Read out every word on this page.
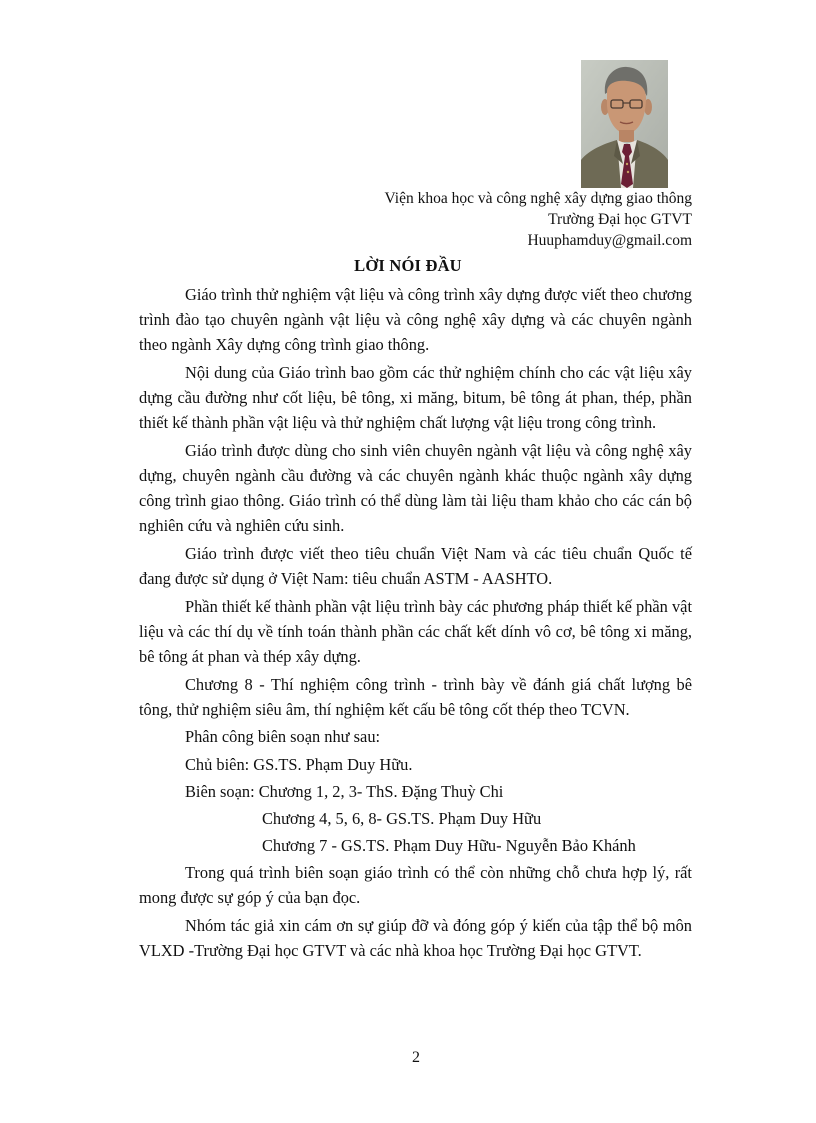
Viện khoa học và công nghệ xây dựng giao thông
Trường Đại học GTVT
Huuphamduy@gmail.com
LỜI NÓI ĐẦU

Giáo trình thử nghiệm vật liệu và công trình xây dựng được viết theo chương trình đào tạo chuyên ngành vật liệu và công nghệ xây dựng và các chuyên ngành theo ngành Xây dựng công trình giao thông.

Nội dung của Giáo trình bao gồm các thử nghiệm chính cho các vật liệu xây dựng cầu đường như cốt liệu, bê tông, xi măng, bitum, bê tông át phan, thép, phần thiết kế thành phần vật liệu và thử nghiệm chất lượng vật liệu trong công trình.

Giáo trình được dùng cho sinh viên chuyên ngành vật liệu và công nghệ xây dựng, chuyên ngành cầu đường và các chuyên ngành khác thuộc ngành xây dựng công trình giao thông. Giáo trình có thể dùng làm tài liệu tham khảo cho các cán bộ nghiên cứu và nghiên cứu sinh.

Giáo trình được viết theo tiêu chuẩn Việt Nam và các tiêu chuẩn Quốc tế đang được sử dụng ở Việt Nam: tiêu chuẩn ASTM - AASHTO.

Phần thiết kế thành phần vật liệu trình bày các phương pháp thiết kế phần vật liệu và các thí dụ về tính toán thành phần các chất kết dính vô cơ, bê tông xi măng, bê tông át phan và thép xây dựng.

Chương 8 - Thí nghiệm công trình - trình bày về đánh giá chất lượng bê tông, thử nghiệm siêu âm, thí nghiệm kết cấu bê tông cốt thép theo TCVN.

Phân công biên soạn như sau:

Chủ biên: GS.TS. Phạm Duy Hữu.

Biên soạn: Chương 1, 2, 3- ThS. Đặng Thuỳ Chi

Chương 4, 5, 6, 8- GS.TS. Phạm Duy Hữu

Chương 7 - GS.TS. Phạm Duy Hữu- Nguyễn Bảo Khánh

Trong quá trình biên soạn giáo trình có thể còn những chỗ chưa hợp lý, rất mong được sự góp ý của bạn đọc.

Nhóm tác giả xin cám ơn sự giúp đỡ và đóng góp ý kiến của tập thể bộ môn VLXD -Trường Đại học GTVT và các nhà khoa học Trường Đại học GTVT.

2
